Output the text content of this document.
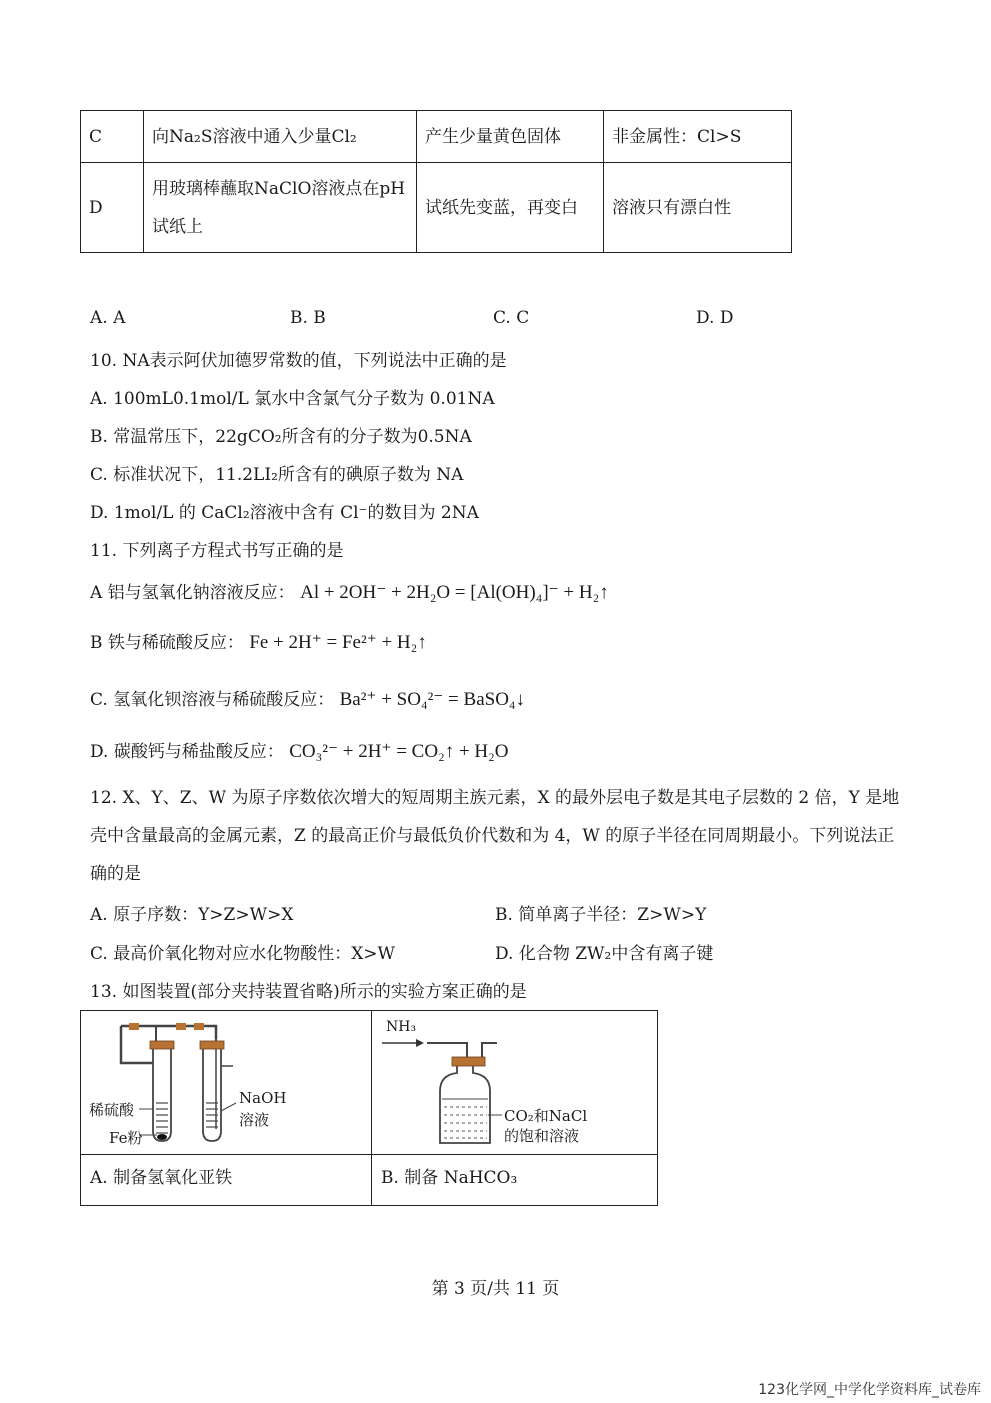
C	向Na₂S溶液中通入少量Cl₂	产生少量黄色固体	非金属性：Cl>S
D	用玻璃棒蘸取NaClO溶液点在pH试纸上	试纸先变蓝，再变白	溶液只有漂白性
A. A	B. B	C. C	D. D
10. NA表示阿伏加德罗常数的值，下列说法中正确的是
A. 100mL0.1mol/L 氯水中含氯气分子数为 0.01NA
B. 常温常压下，22gCO₂所含有的分子数为0.5NA
C. 标准状况下，11.2LI₂所含有的碘原子数为 NA
D. 1mol/L 的 CaCl₂溶液中含有 Cl⁻的数目为 2NA
11. 下列离子方程式书写正确的是
A 铝与氢氧化钠溶液反应： Al + 2OH⁻ + 2H₂O = [Al(OH)₄]⁻ + H₂↑
B 铁与稀硫酸反应： Fe + 2H⁺ = Fe²⁺ + H₂↑
C. 氢氧化钡溶液与稀硫酸反应： Ba²⁺ + SO₄²⁻ = BaSO₄↓
D. 碳酸钙与稀盐酸反应： CO₃²⁻ + 2H⁺ = CO₂↑ + H₂O
12. X、Y、Z、W 为原子序数依次增大的短周期主族元素，X 的最外层电子数是其电子层数的 2 倍，Y 是地
壳中含量最高的金属元素，Z 的最高正价与最低负价代数和为 4，W 的原子半径在同周期最小。下列说法正
确的是
A. 原子序数：Y>Z>W>X	B. 简单离子半径：Z>W>Y
C. 最高价氧化物对应水化物酸性：X>W	D. 化合物 ZW₂中含有离子键
13. 如图装置(部分夹持装置省略)所示的实验方案正确的是
稀硫酸
Fe粉
NaOH
溶液
A. 制备氢氧化亚铁

NH₃
CO₂和NaCl
的饱和溶液
B. 制备 NaHCO₃
第 3 页/共 11 页
123化学网_中学化学资料库_试卷库
